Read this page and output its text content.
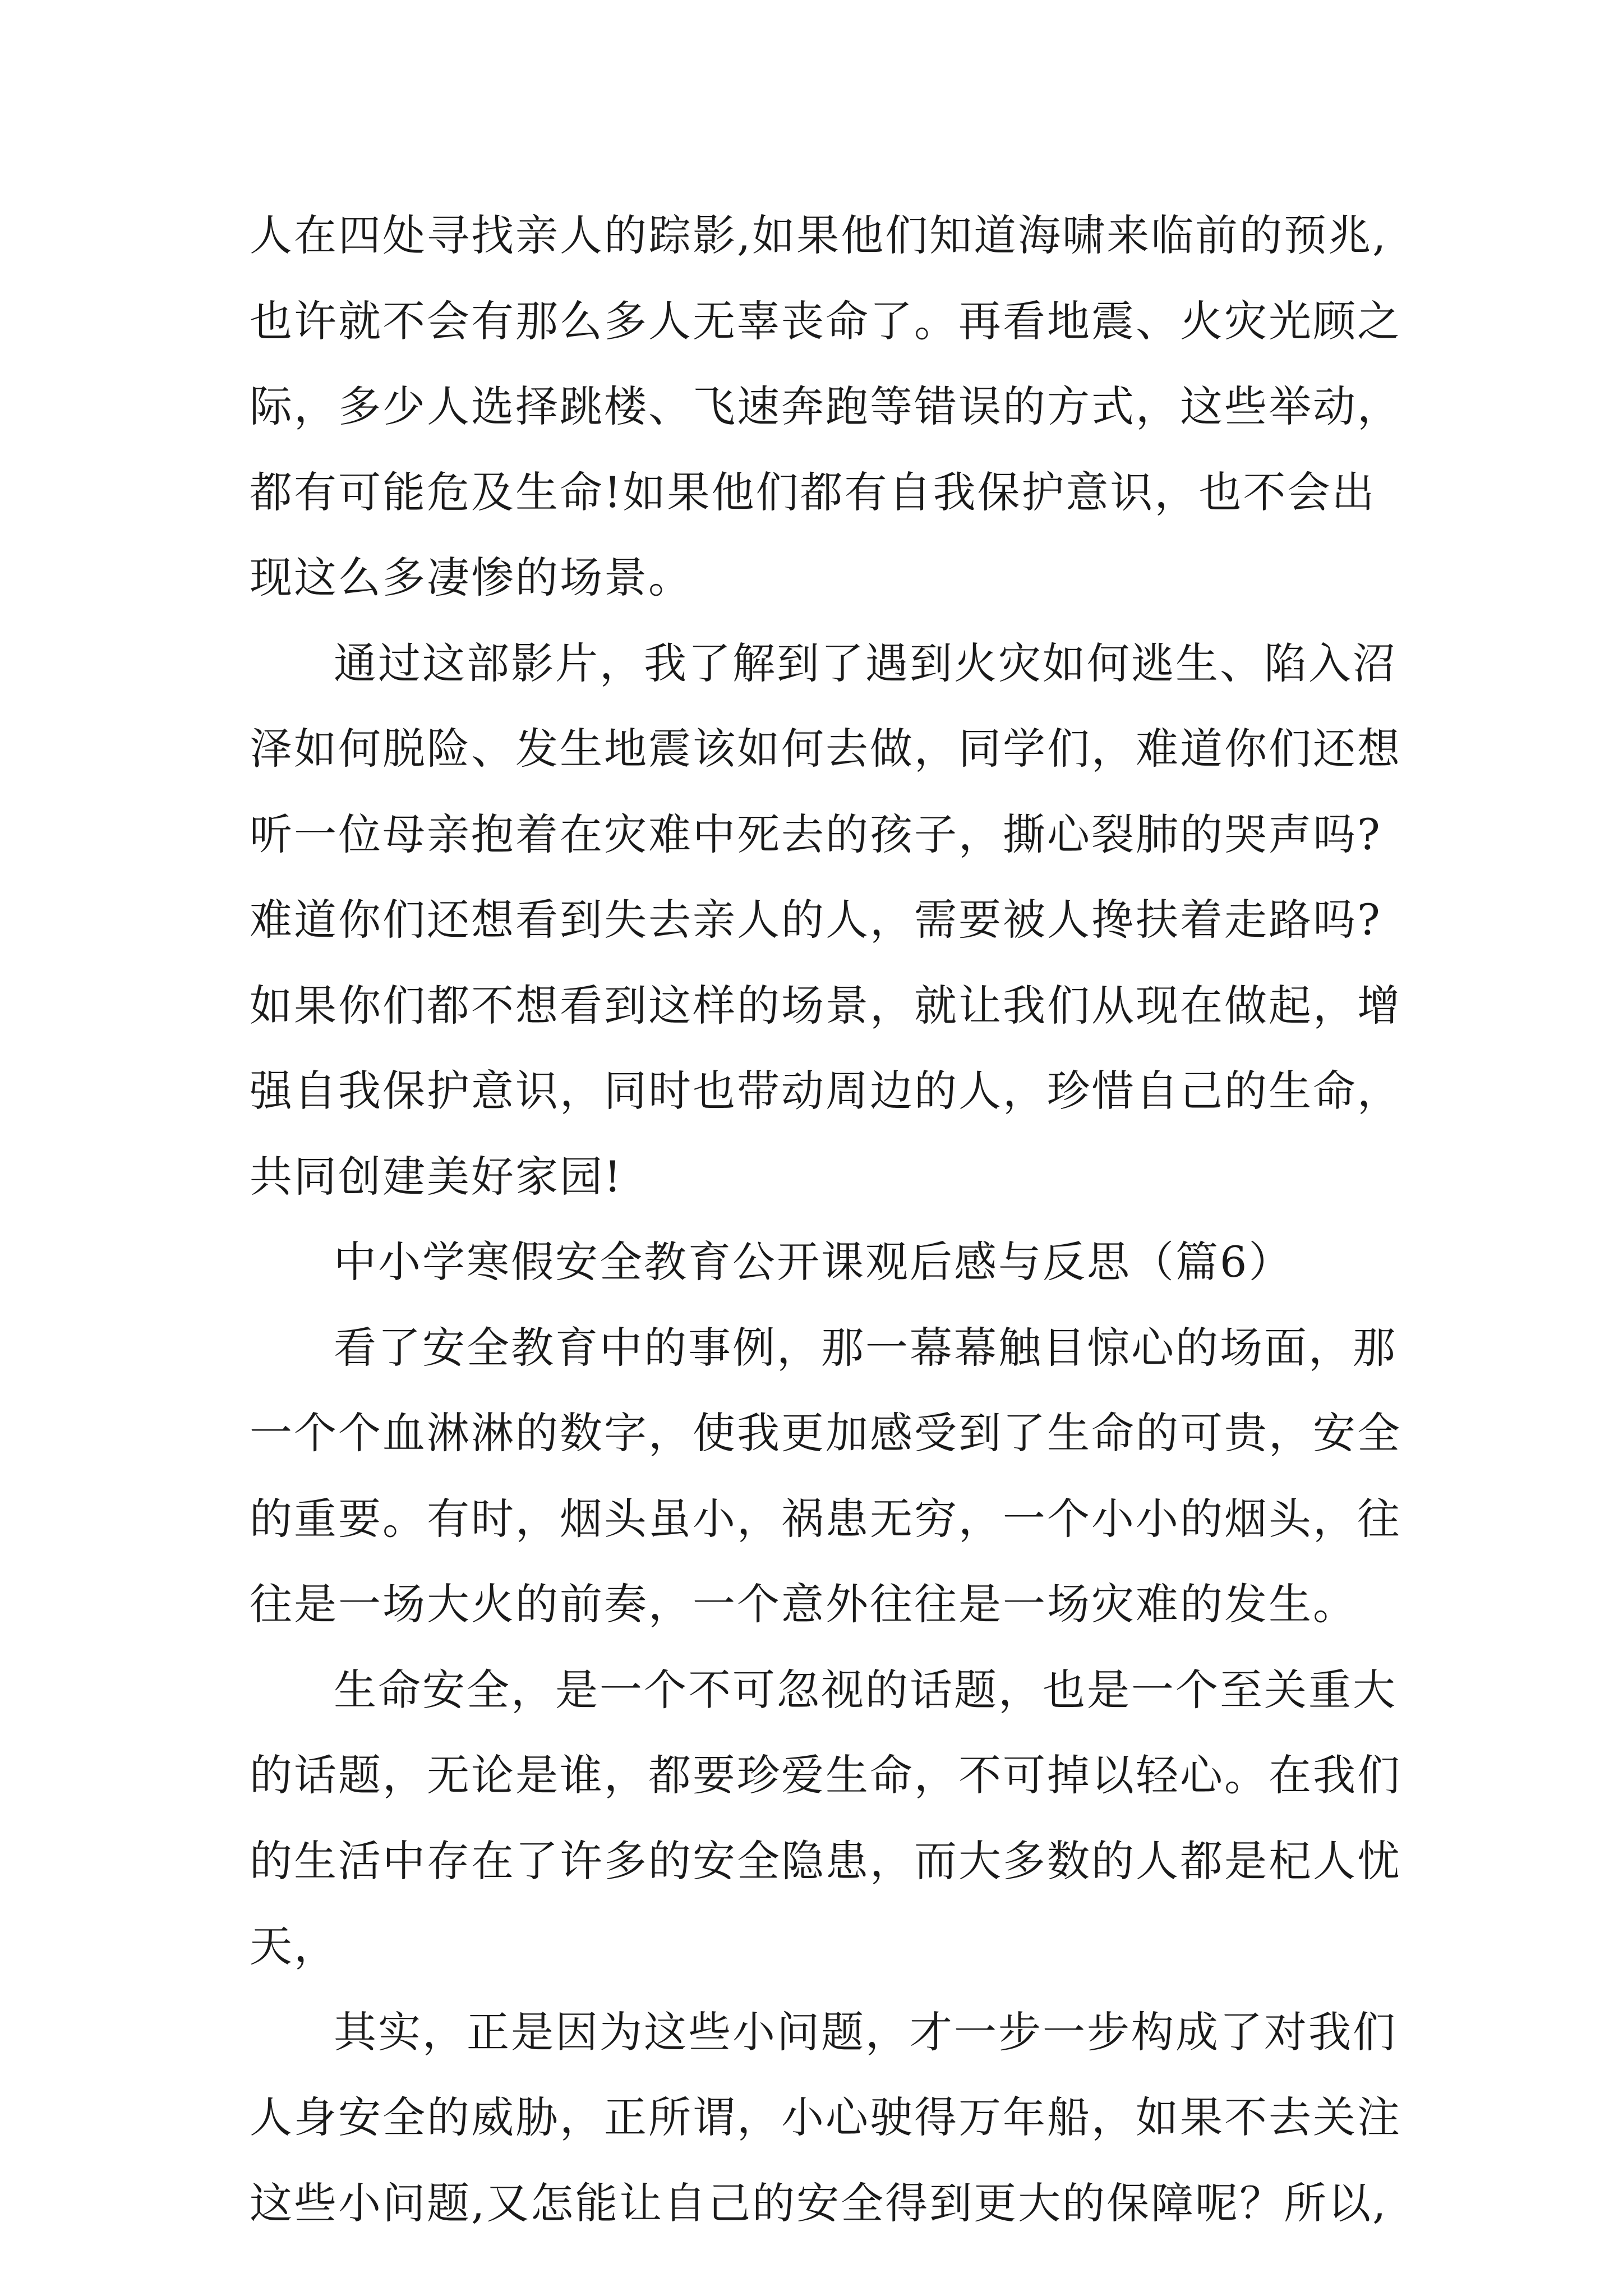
人在四处寻找亲人的踪影,如果他们知道海啸来临前的预兆,
也许就不会有那么多人无辜丧命了。再看地震、火灾光顾之
际，多少人选择跳楼、飞速奔跑等错误的方式，这些举动，
都有可能危及生命!如果他们都有自我保护意识，也不会出
现这么多凄惨的场景。
通过这部影片，我了解到了遇到火灾如何逃生、陷入沼
泽如何脱险、发生地震该如何去做，同学们，难道你们还想
听一位母亲抱着在灾难中死去的孩子，撕心裂肺的哭声吗?
难道你们还想看到失去亲人的人，需要被人搀扶着走路吗?
如果你们都不想看到这样的场景，就让我们从现在做起，增
强自我保护意识，同时也带动周边的人，珍惜自己的生命，
共同创建美好家园!
中小学寒假安全教育公开课观后感与反思（篇6）
看了安全教育中的事例，那一幕幕触目惊心的场面，那
一个个血淋淋的数字，使我更加感受到了生命的可贵，安全
的重要。有时，烟头虽小，祸患无穷，一个小小的烟头，往
往是一场大火的前奏，一个意外往往是一场灾难的发生。
生命安全，是一个不可忽视的话题，也是一个至关重大
的话题，无论是谁，都要珍爱生命，不可掉以轻心。在我们
的生活中存在了许多的安全隐患，而大多数的人都是杞人忧
天，
其实，正是因为这些小问题，才一步一步构成了对我们
人身安全的威胁，正所谓，小心驶得万年船，如果不去关注
这些小问题,又怎能让自己的安全得到更大的保障呢？所以,
